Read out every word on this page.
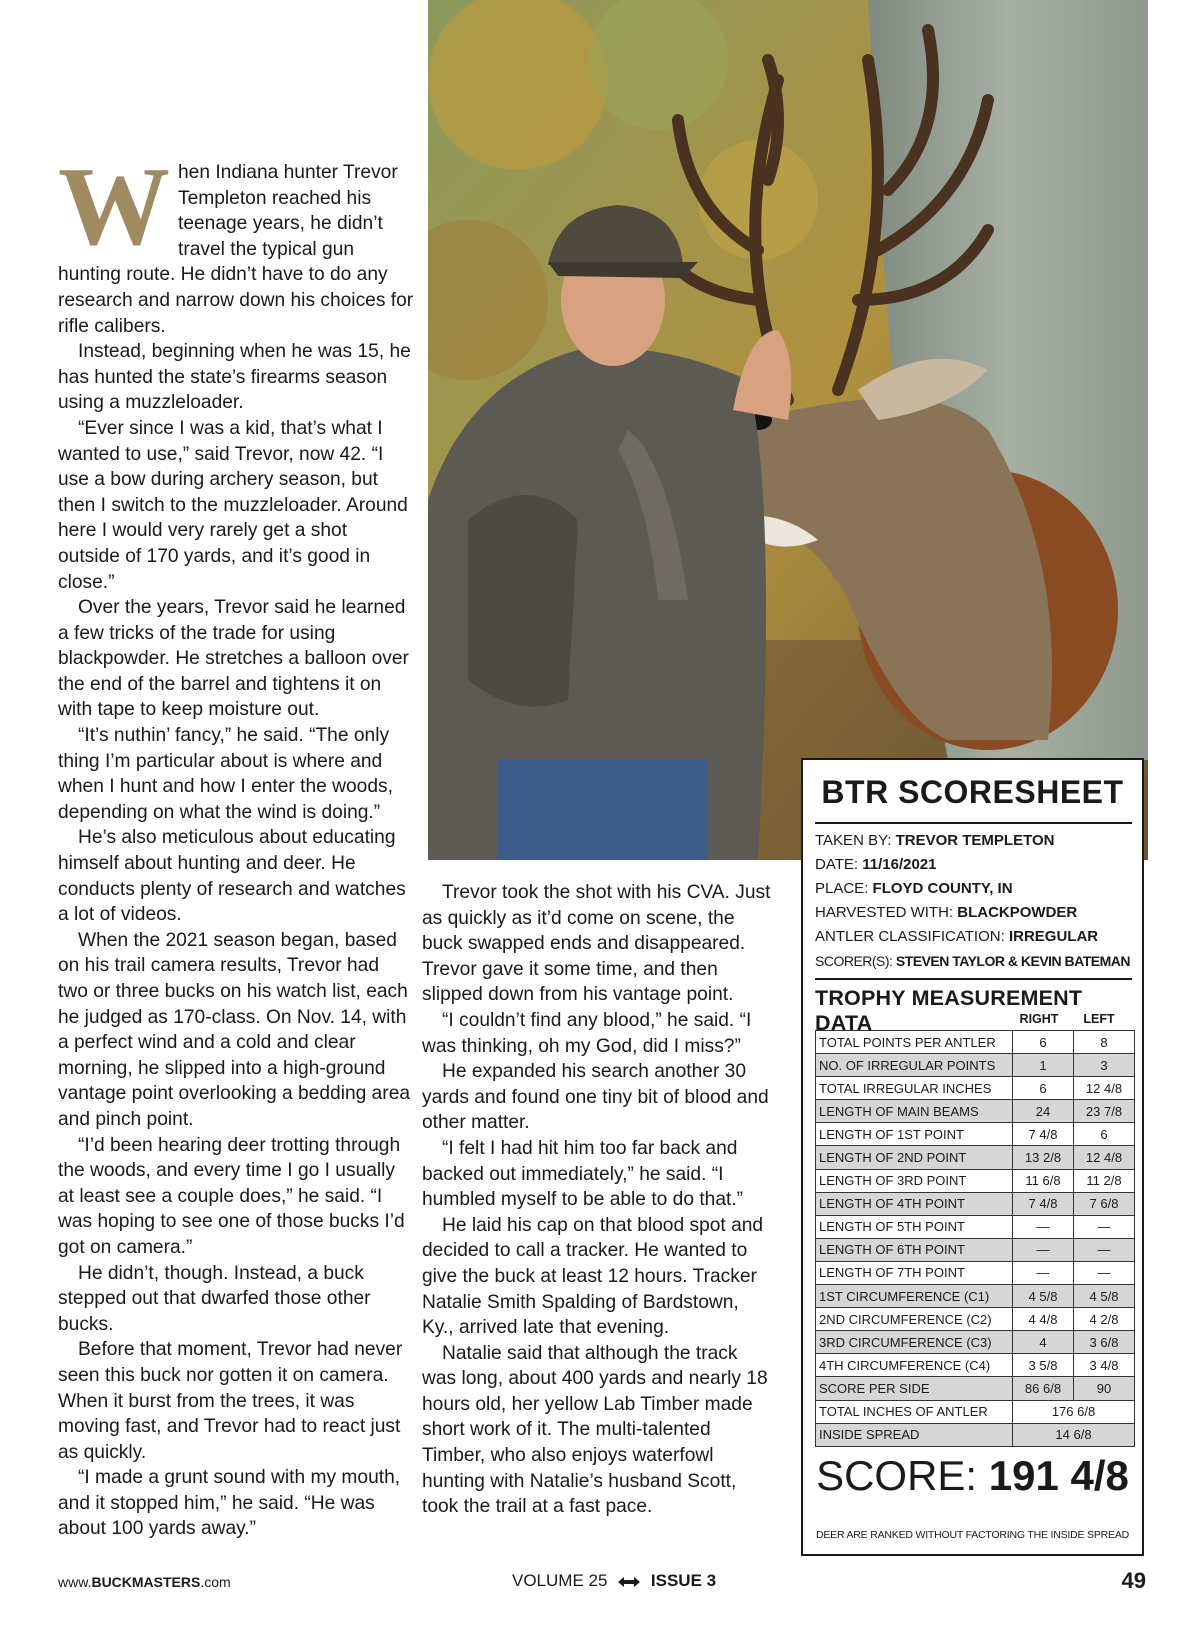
W hen Indiana hunter Trevor Templeton reached his teenage years, he didn’t travel the typical gun hunting route. He didn’t have to do any research and narrow down his choices for rifle calibers.

Instead, beginning when he was 15, he has hunted the state’s firearms season using a muzzleloader.

“Ever since I was a kid, that’s what I wanted to use,” said Trevor, now 42. “I use a bow during archery season, but then I switch to the muzzleloader. Around here I would very rarely get a shot outside of 170 yards, and it’s good in close.”

Over the years, Trevor said he learned a few tricks of the trade for using blackpowder. He stretches a balloon over the end of the barrel and tightens it on with tape to keep moisture out.

“It’s nuthin’ fancy,” he said. “The only thing I’m particular about is where and when I hunt and how I enter the woods, depending on what the wind is doing.”

He’s also meticulous about educating himself about hunting and deer. He conducts plenty of research and watches a lot of videos.

When the 2021 season began, based on his trail camera results, Trevor had two or three bucks on his watch list, each he judged as 170-class. On Nov. 14, with a perfect wind and a cold and clear morning, he slipped into a high-ground vantage point overlooking a bedding area and pinch point.

“I’d been hearing deer trotting through the woods, and every time I go I usually at least see a couple does,” he said. “I was hoping to see one of those bucks I’d got on camera.”

He didn’t, though. Instead, a buck stepped out that dwarfed those other bucks.

Before that moment, Trevor had never seen this buck nor gotten it on camera. When it burst from the trees, it was moving fast, and Trevor had to react just as quickly.

“I made a grunt sound with my mouth, and it stopped him,” he said. “He was about 100 yards away.”

Trevor took the shot with his CVA. Just as quickly as it’d come on scene, the buck swapped ends and disappeared. Trevor gave it some time, and then slipped down from his vantage point.

“I couldn’t find any blood,” he said. “I was thinking, oh my God, did I miss?”

He expanded his search another 30 yards and found one tiny bit of blood and other matter.

“I felt I had hit him too far back and backed out immediately,” he said. “I humbled myself to be able to do that.”

He laid his cap on that blood spot and decided to call a tracker. He wanted to give the buck at least 12 hours. Tracker Natalie Smith Spalding of Bardstown, Ky., arrived late that evening.

Natalie said that although the track was long, about 400 yards and nearly 18 hours old, her yellow Lab Timber made short work of it. The multi-talented Timber, who also enjoys waterfowl hunting with Natalie’s husband Scott, took the trail at a fast pace.

BTR SCORESHEET
TAKEN BY: TREVOR TEMPLETON
DATE: 11/16/2021
PLACE: FLOYD COUNTY, IN
HARVESTED WITH: BLACKPOWDER
ANTLER CLASSIFICATION: IRREGULAR
SCORER(S): STEVEN TAYLOR & KEVIN BATEMAN
TROPHY MEASUREMENT DATA	RIGHT	LEFT
TOTAL POINTS PER ANTLER	6	8
NO. OF IRREGULAR POINTS	1	3
TOTAL IRREGULAR INCHES	6	12 4/8
LENGTH OF MAIN BEAMS	24	23 7/8
LENGTH OF 1ST POINT	7 4/8	6
LENGTH OF 2ND POINT	13 2/8	12 4/8
LENGTH OF 3RD POINT	11 6/8	11 2/8
LENGTH OF 4TH POINT	7 4/8	7 6/8
LENGTH OF 5TH POINT	—	—
LENGTH OF 6TH POINT	—	—
LENGTH OF 7TH POINT	—	—
1ST CIRCUMFERENCE (C1)	4 5/8	4 5/8
2ND CIRCUMFERENCE (C2)	4 4/8	4 2/8
3RD CIRCUMFERENCE (C3)	4	3 6/8
4TH CIRCUMFERENCE (C4)	3 5/8	3 4/8
SCORE PER SIDE	86 6/8	90
TOTAL INCHES OF ANTLER	176 6/8	
INSIDE SPREAD	14 6/8	
SCORE: 191 4/8
DEER ARE RANKED WITHOUT FACTORING THE INSIDE SPREAD
www.BUCKMASTERS.com	VOLUME 25	ISSUE 3	49
